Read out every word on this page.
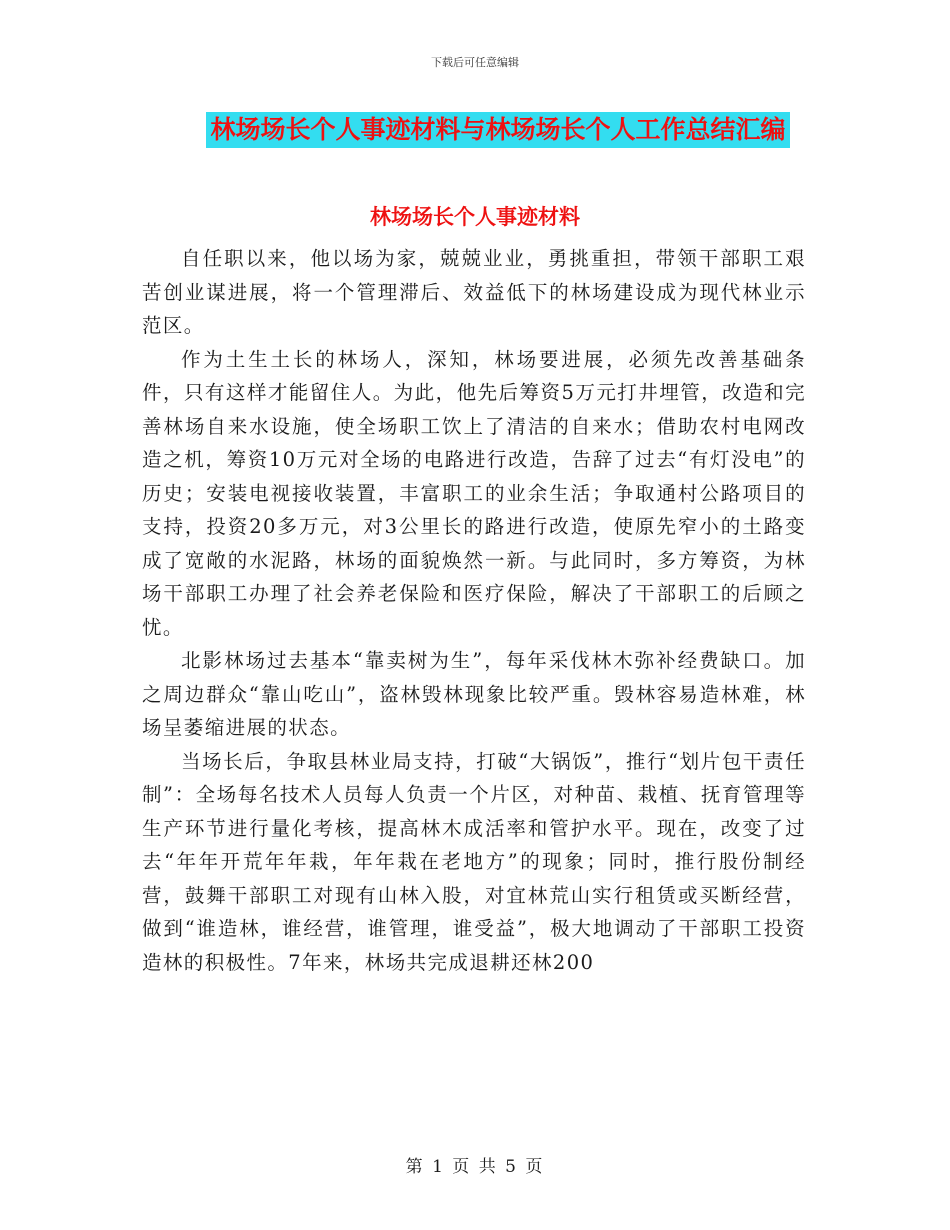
下载后可任意编辑
林场场长个人事迹材料与林场场长个人工作总结汇编
林场场长个人事迹材料

自任职以来，他以场为家，兢兢业业，勇挑重担，带领干部职工艰苦创业谋进展，将一个管理滞后、效益低下的林场建设成为现代林业示范区。

作为土生土长的林场人，深知，林场要进展，必须先改善基础条件，只有这样才能留住人。为此，他先后筹资5万元打井埋管，改造和完善林场自来水设施，使全场职工饮上了清洁的自来水；借助农村电网改造之机，筹资10万元对全场的电路进行改造，告辞了过去“有灯没电”的历史；安装电视接收装置，丰富职工的业余生活；争取通村公路项目的支持，投资20多万元，对3公里长的路进行改造，使原先窄小的土路变成了宽敞的水泥路，林场的面貌焕然一新。与此同时，多方筹资，为林场干部职工办理了社会养老保险和医疗保险，解决了干部职工的后顾之忧。

北影林场过去基本“靠卖树为生”，每年采伐林木弥补经费缺口。加之周边群众“靠山吃山”，盗林毁林现象比较严重。毁林容易造林难，林场呈萎缩进展的状态。

当场长后，争取县林业局支持，打破“大锅饭”，推行“划片包干责任制”：全场每名技术人员每人负责一个片区，对种苗、栽植、抚育管理等生产环节进行量化考核，提高林木成活率和管护水平。现在，改变了过去“年年开荒年年栽，年年栽在老地方”的现象；同时，推行股份制经营，鼓舞干部职工对现有山林入股，对宜林荒山实行租赁或买断经营，做到“谁造林，谁经营，谁管理，谁受益”，极大地调动了干部职工投资造林的积极性。7年来，林场共完成退耕还林200

第 1 页 共 5 页
